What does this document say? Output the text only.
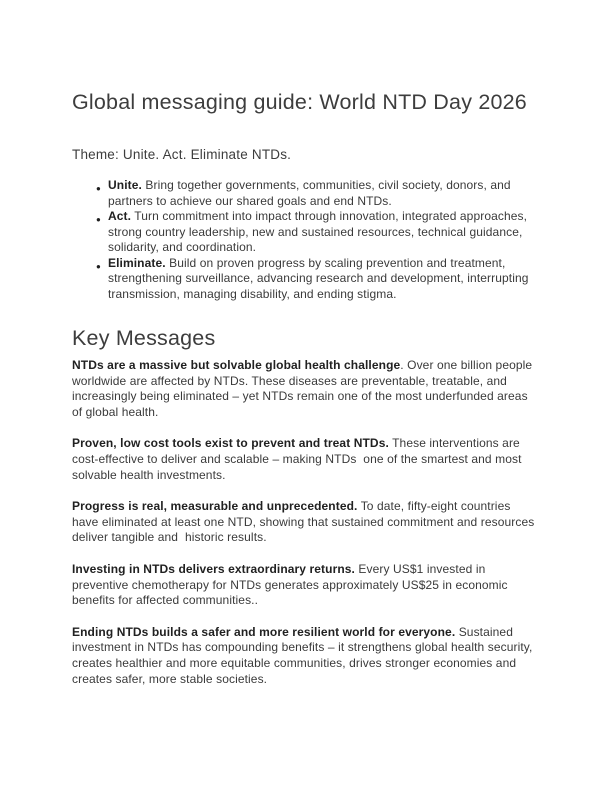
Global messaging guide: World NTD Day 2026
Theme: Unite. Act. Eliminate NTDs.
● Unite. Bring together governments, communities, civil society, donors, and partners to achieve our shared goals and end NTDs.
● Act. Turn commitment into impact through innovation, integrated approaches, strong country leadership, new and sustained resources, technical guidance, solidarity, and coordination.
● Eliminate. Build on proven progress by scaling prevention and treatment, strengthening surveillance, advancing research and development, interrupting transmission, managing disability, and ending stigma.
Key Messages

NTDs are a massive but solvable global health challenge. Over one billion people worldwide are affected by NTDs. These diseases are preventable, treatable, and increasingly being eliminated – yet NTDs remain one of the most underfunded areas of global health.

Proven, low cost tools exist to prevent and treat NTDs. These interventions are cost-effective to deliver and scalable – making NTDs  one of the smartest and most solvable health investments.

Progress is real, measurable and unprecedented. To date, fifty-eight countries have eliminated at least one NTD, showing that sustained commitment and resources deliver tangible and  historic results.

Investing in NTDs delivers extraordinary returns. Every US$1 invested in preventive chemotherapy for NTDs generates approximately US$25 in economic benefits for affected communities..

Ending NTDs builds a safer and more resilient world for everyone. Sustained investment in NTDs has compounding benefits – it strengthens global health security, creates healthier and more equitable communities, drives stronger economies and creates safer, more stable societies.
